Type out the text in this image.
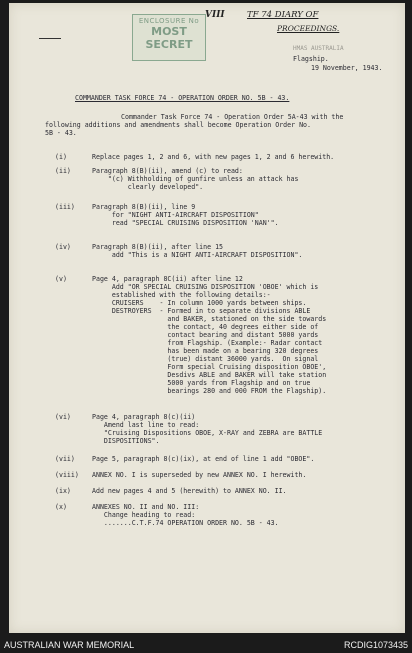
ENCLOSURE No
MOST
SECRET
VIII	TF 74 DIARY OF
PROCEEDINGS.
HMAS AUSTRALIA
Flagship.
19 November, 1943.
COMMANDER TASK FORCE 74 - OPERATION ORDER NO. 5B - 43.
Commander Task Force 74 - Operation Order 5A-43 with the
following additions and amendments shall become Operation Order No.
5B - 43.
(i)	Replace pages 1, 2 and 6, with new pages 1, 2 and 6 herewith.
(ii)	Paragraph 8(B)(ii), amend (c) to read:
"(c) Withholding of gunfire unless an attack has
clearly developed".
(iii)	Paragraph 8(B)(ii), line 9
for "NIGHT ANTI-AIRCRAFT DISPOSITION"
read "SPECIAL CRUISING DISPOSITION 'NAN'".
(iv)	Paragraph 8(B)(ii), after line 15
add "This is a NIGHT ANTI-AIRCRAFT DISPOSITION".
(v)	Page 4, paragraph 8C(ii) after line 12
Add "OR SPECIAL CRUISING DISPOSITION 'OBOE' which is
established with the following details:-
CRUISERS    - In column 1000 yards between ships.
DESTROYERS  - Formed in to separate divisions ABLE
and BAKER, stationed on the side towards
the contact, 40 degrees either side of
contact bearing and distant 5000 yards
from Flagship. (Example:- Radar contact
has been made on a bearing 320 degrees
(true) distant 36000 yards.  On signal
Form special Cruising disposition OBOE',
Desdivs ABLE and BAKER will take station
5000 yards from Flagship and on true
bearings 280 and 000 FROM the Flagship).
(vi)	Page 4, paragraph 8(c)(ii)
Amend last line to read:
"Cruising Dispositions OBOE, X-RAY and ZEBRA are BATTLE
DISPOSITIONS".
(vii)	Page 5, paragraph 8(c)(ix), at end of line 1 add "OBOE".
(viii) ANNEX NO. I is superseded by new ANNEX NO. I herewith.
(ix)	Add new pages 4 and 5 (herewith) to ANNEX NO. II.
(x)	ANNEXES NO. II and NO. III:
Change heading to read:
.......C.T.F.74 OPERATION ORDER NO. 5B - 43.
AUSTRALIAN WAR MEMORIAL	RCDIG1073435
